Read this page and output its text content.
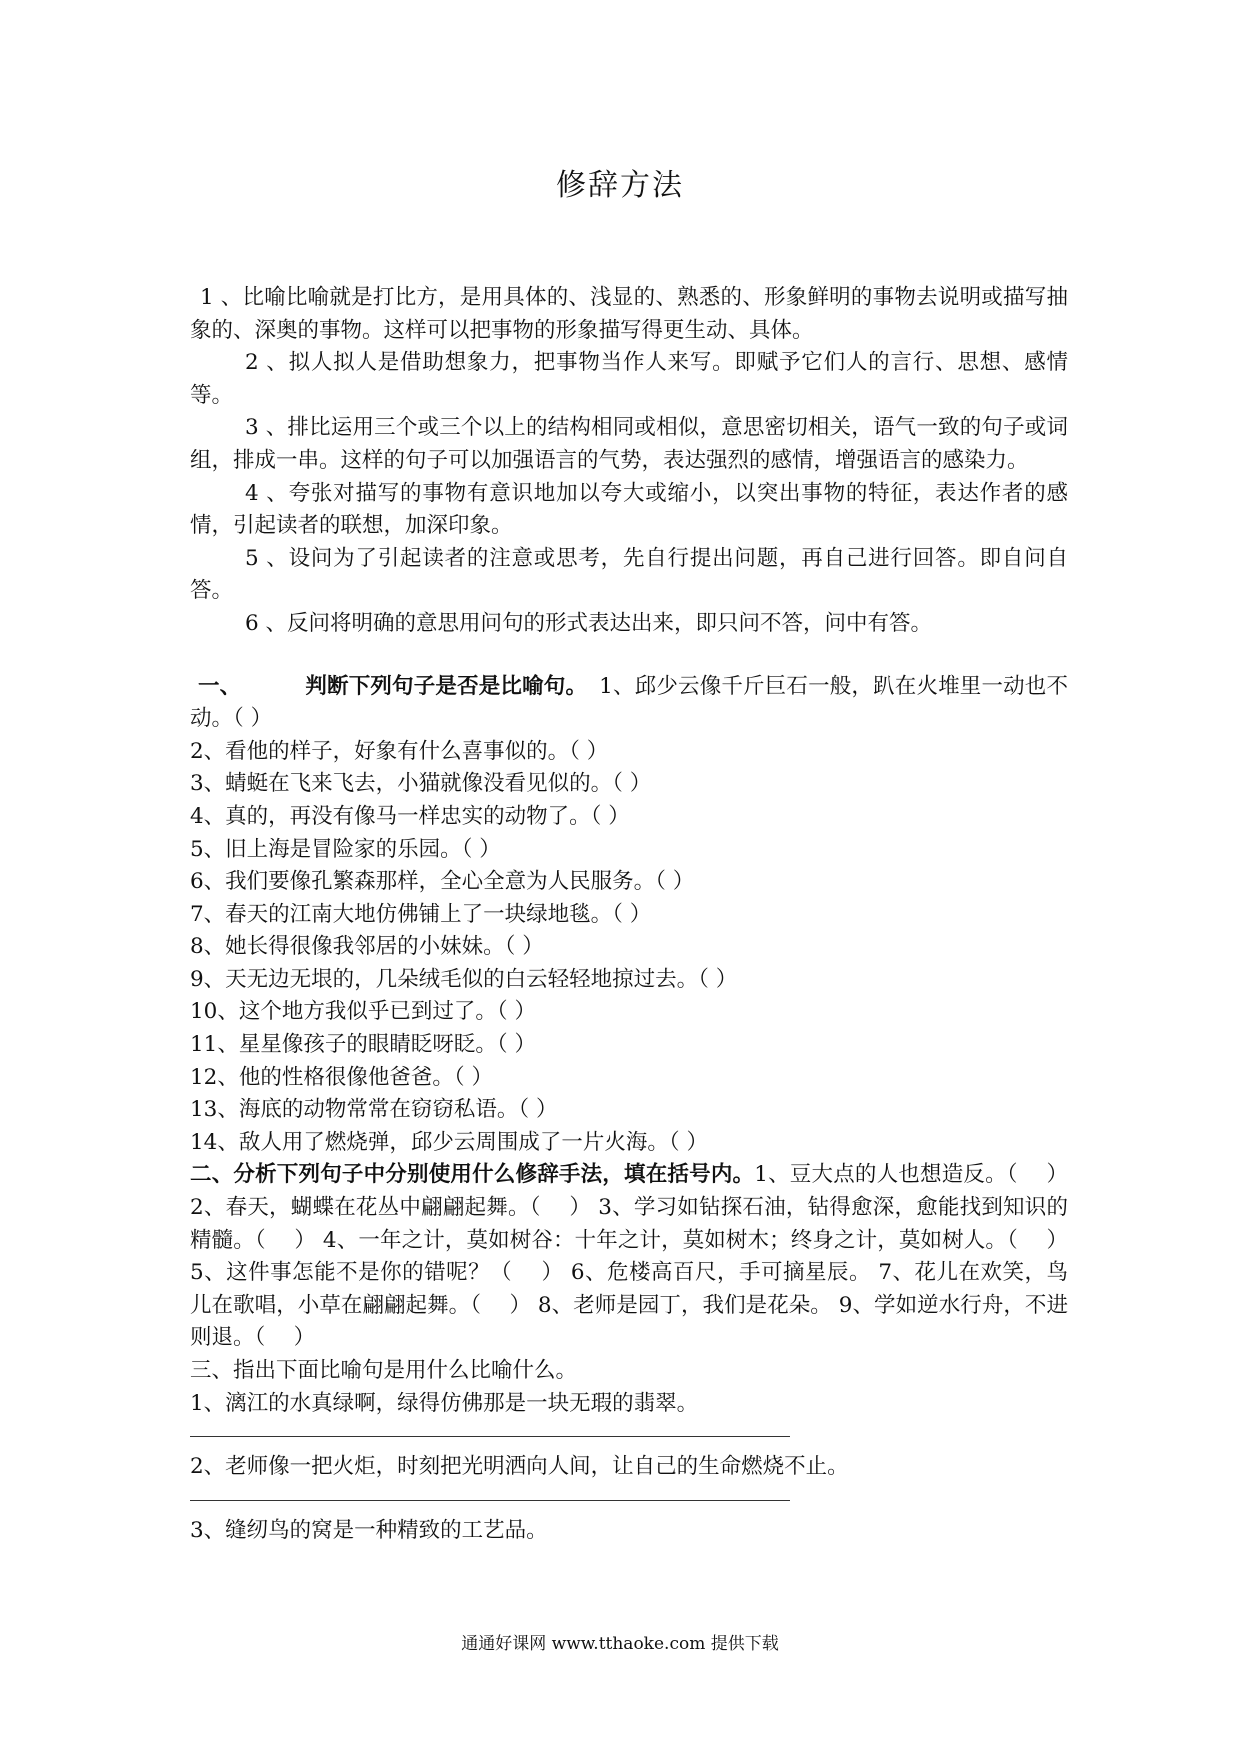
修辞方法

1 、比喻比喻就是打比方，是用具体的、浅显的、熟悉的、形象鲜明的事物去说明或描写抽象的、深奥的事物。这样可以把事物的形象描写得更生动、具体。

2 、拟人拟人是借助想象力，把事物当作人来写。即赋予它们人的言行、思想、感情等。

3 、排比运用三个或三个以上的结构相同或相似，意思密切相关，语气一致的句子或词组，排成一串。这样的句子可以加强语言的气势，表达强烈的感情，增强语言的感染力。

4 、夸张对描写的事物有意识地加以夸大或缩小，以突出事物的特征，表达作者的感情，引起读者的联想，加深印象。

5 、设问为了引起读者的注意或思考，先自行提出问题，再自己进行回答。即自问自答。

6 、反问将明确的意思用问句的形式表达出来，即只问不答，问中有答。

一、	判断下列句子是否是比喻句。 1、邱少云像千斤巨石一般，趴在火堆里一动也不动。（ ）

2、看他的样子，好象有什么喜事似的。（ ）

3、蜻蜓在飞来飞去，小猫就像没看见似的。（ ）

4、真的，再没有像马一样忠实的动物了。（ ）

5、旧上海是冒险家的乐园。（ ）

6、我们要像孔繁森那样，全心全意为人民服务。（ ）

7、春天的江南大地仿佛铺上了一块绿地毯。（ ）

8、她长得很像我邻居的小妹妹。（ ）

9、天无边无垠的，几朵绒毛似的白云轻轻地掠过去。（ ）

10、这个地方我似乎已到过了。（ ）

11、星星像孩子的眼睛眨呀眨。（ ）

12、他的性格很像他爸爸。（ ）

13、海底的动物常常在窃窃私语。（ ）

14、敌人用了燃烧弹，邱少云周围成了一片火海。（ ）

二、分析下列句子中分别使用什么修辞手法，填在括号内。1、豆大点的人也想造反。（　 ） 2、春天，蝴蝶在花丛中翩翩起舞。（　 ） 3、学习如钻探石油，钻得愈深，愈能找到知识的精髓。（　 ） 4、一年之计，莫如树谷：十年之计，莫如树木；终身之计，莫如树人。（　 ） 5、这件事怎能不是你的错呢？（　 ） 6、危楼高百尺，手可摘星辰。 7、花儿在欢笑，鸟儿在歌唱，小草在翩翩起舞。（　 ） 8、老师是园丁，我们是花朵。 9、学如逆水行舟，不进则退。（　 ）

三、指出下面比喻句是用什么比喻什么。

1、漓江的水真绿啊，绿得仿佛那是一块无瑕的翡翠。

2、老师像一把火炬，时刻把光明洒向人间，让自己的生命燃烧不止。

3、缝纫鸟的窝是一种精致的工艺品。

通通好课网 www.tthaoke.com 提供下载
